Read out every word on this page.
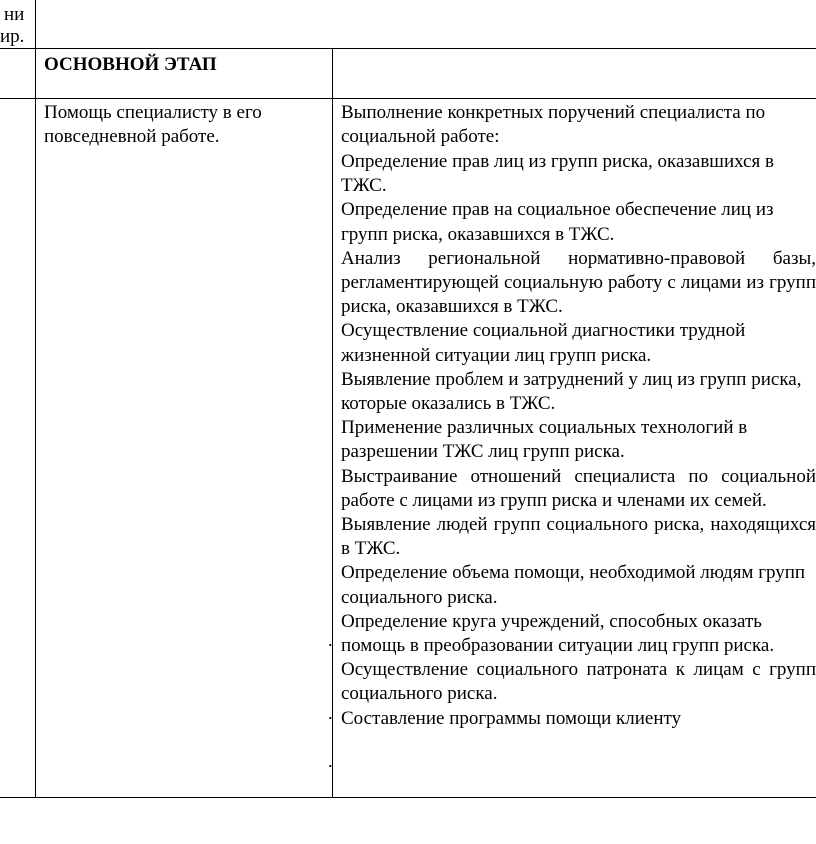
ни
ир.
ОСНОВНОЙ ЭТАП
Помощь специалисту в его повседневной работе.
Выполнение конкретных поручений специалиста по социальной работе:
Определение прав лиц из групп риска, оказавшихся в ТЖС.
Определение прав на социальное обеспечение лиц из групп риска, оказавшихся в ТЖС.
Анализ региональной нормативно-правовой базы, регламентирующей социальную работу с лицами из групп риска, оказавшихся в ТЖС.
Осуществление социальной диагностики трудной жизненной ситуации лиц групп риска.
Выявление проблем и затруднений у лиц из групп риска, которые оказались в ТЖС.
Применение различных социальных технологий в разрешении ТЖС лиц групп риска.
Выстраивание отношений специалиста по социальной работе с лицами из групп риска и членами их семей.
Выявление людей групп социального риска, находящихся в ТЖС.
Определение объема помощи, необходимой людям групп социального риска.
Определение круга учреждений, способных оказать помощь в преобразовании ситуации лиц групп риска.
Осуществление социального патроната к лицам с групп социального риска.
Составление программы помощи клиенту
.
.
.
